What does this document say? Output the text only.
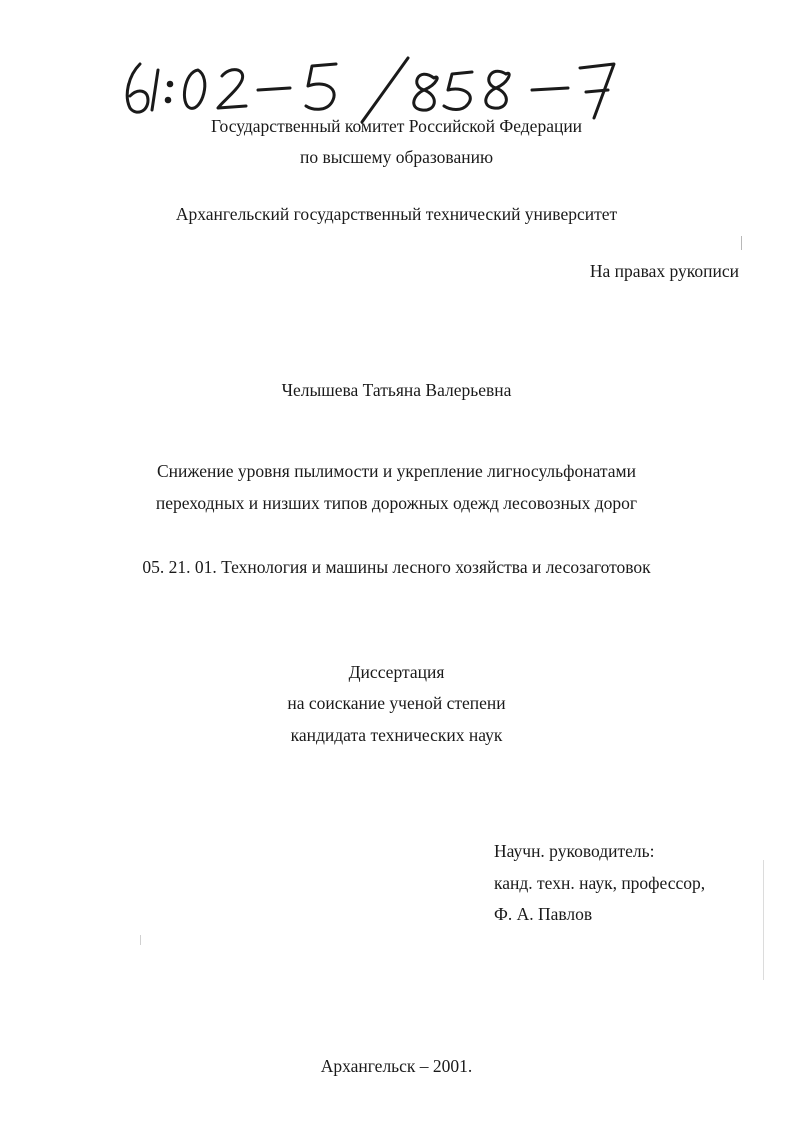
Государственный комитет Российской Федерации
по высшему образованию
Архангельский государственный технический университет
На правах рукописи
Челышева Татьяна Валерьевна
Снижение уровня пылимости и укрепление лигносульфонатами
переходных и низших типов дорожных одежд лесовозных дорог
05. 21. 01. Технология и машины лесного хозяйства и лесозаготовок
Диссертация
на соискание ученой степени
кандидата технических наук
Научн. руководитель:
канд. техн. наук, профессор,
Ф. А. Павлов
Архангельск – 2001.
